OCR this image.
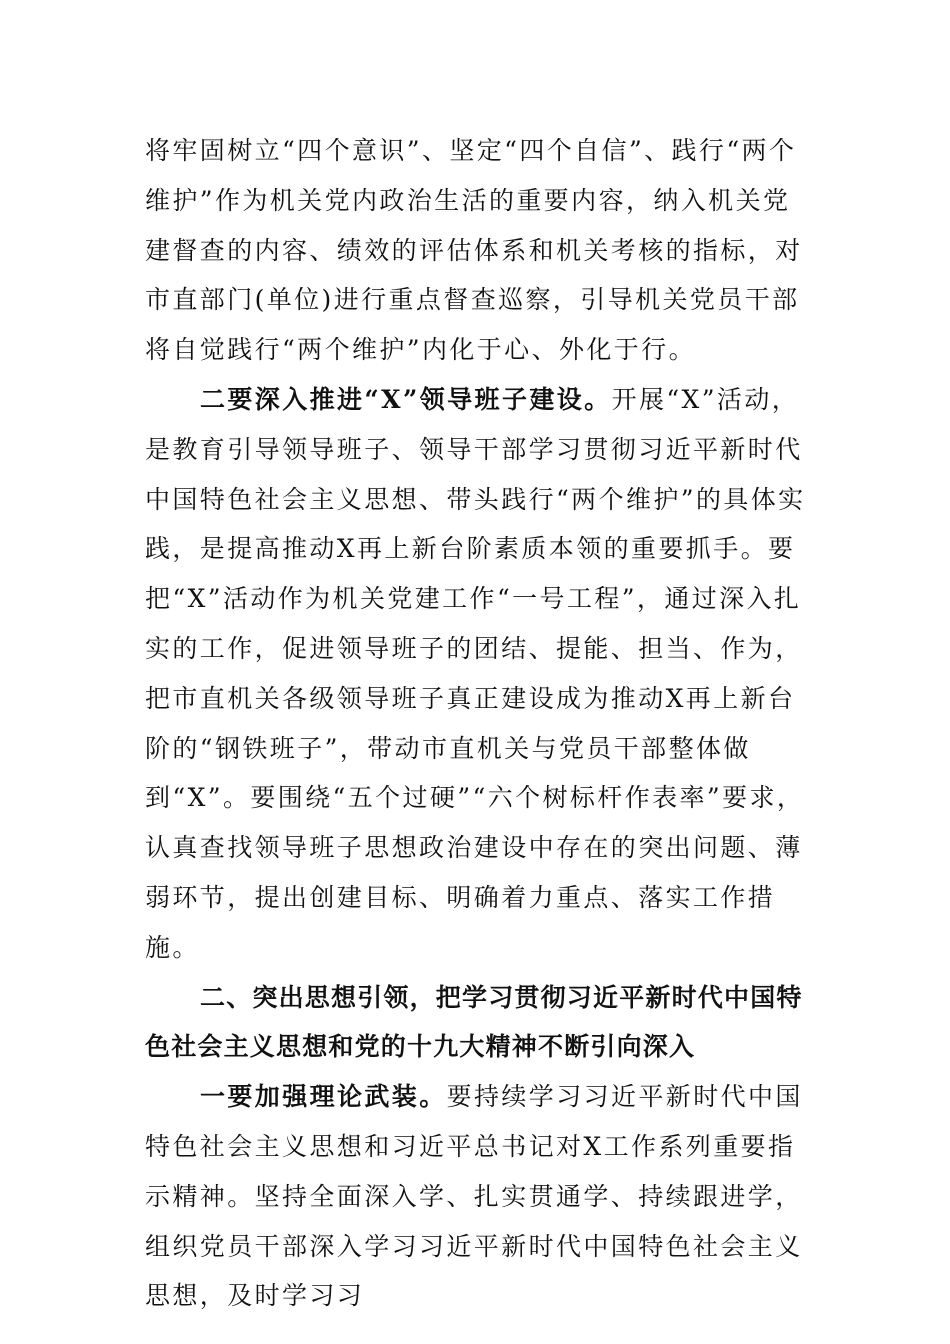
将牢固树立“四个意识”、坚定“四个自信”、践行“两个维护”作为机关党内政治生活的重要内容，纳入机关党建督查的内容、绩效的评估体系和机关考核的指标，对市直部门(单位)进行重点督查巡察，引导机关党员干部将自觉践行“两个维护”内化于心、外化于行。

二要深入推进“X”领导班子建设。开展“X”活动，是教育引导领导班子、领导干部学习贯彻习近平新时代中国特色社会主义思想、带头践行“两个维护”的具体实践，是提高推动X再上新台阶素质本领的重要抓手。要把“X”活动作为机关党建工作“一号工程”，通过深入扎实的工作，促进领导班子的团结、提能、担当、作为，把市直机关各级领导班子真正建设成为推动X再上新台阶的“钢铁班子”，带动市直机关与党员干部整体做到“X”。要围绕“五个过硬”“六个树标杆作表率”要求，认真查找领导班子思想政治建设中存在的突出问题、薄弱环节，提出创建目标、明确着力重点、落实工作措施。

二、突出思想引领，把学习贯彻习近平新时代中国特色社会主义思想和党的十九大精神不断引向深入

一要加强理论武装。要持续学习习近平新时代中国特色社会主义思想和习近平总书记对X工作系列重要指示精神。坚持全面深入学、扎实贯通学、持续跟进学，组织党员干部深入学习习近平新时代中国特色社会主义思想，及时学习习
